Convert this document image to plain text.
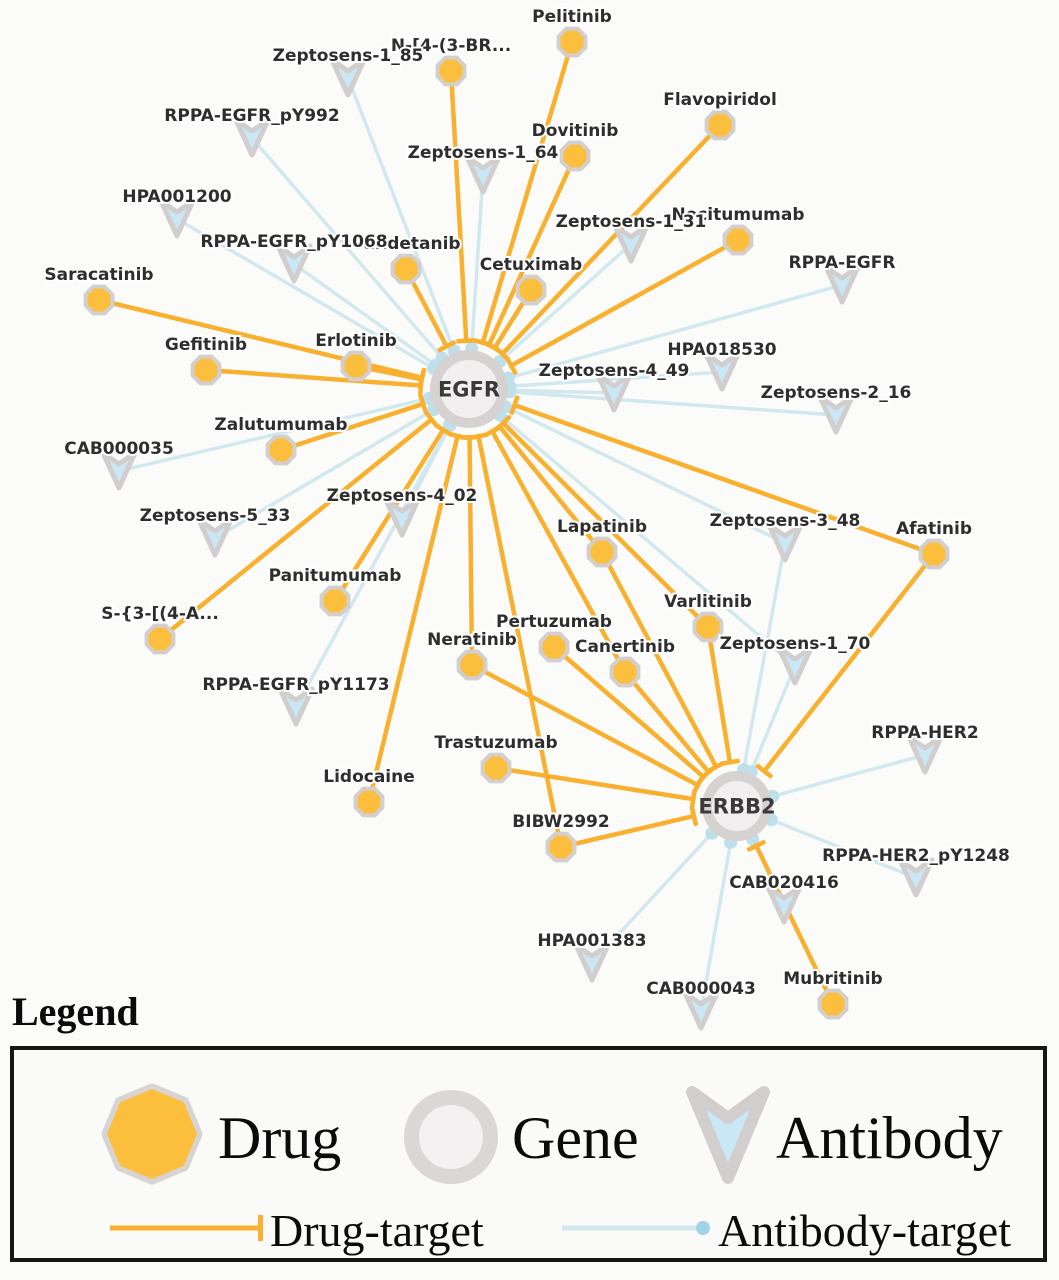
EGFR
ERBB2
Pelitinib
N-[4-(3-BR...
Dovitinib
Flavopiridol
Vandetanib
Cetuximab
Necitumumab
Saracatinib
Gefitinib	Erlotinib
Zalutumumab
Panitumumab
S-{3-[(4-A...
Lapatinib	Afatinib
Varlitinib
Pertuzumab
Canertinib
Neratinib
Trastuzumab
Lidocaine
BIBW2992
Mubritinib
Zeptosens-1_85
RPPA-EGFR_pY992
HPA001200
RPPA-EGFR_pY1068
Zeptosens-1_64
Zeptosens-1_31
RPPA-EGFR
HPA018530
Zeptosens-4_49
Zeptosens-2_16
CAB000035
Zeptosens-5_33
Zeptosens-4_02
Zeptosens-3_48
Zeptosens-1_70
RPPA-EGFR_pY1173
RPPA-HER2
RPPA-HER2_pY1248
CAB020416
HPA001383
CAB000043
Legend
Drug	Gene Antibody
Drug-target	Antibody-target
